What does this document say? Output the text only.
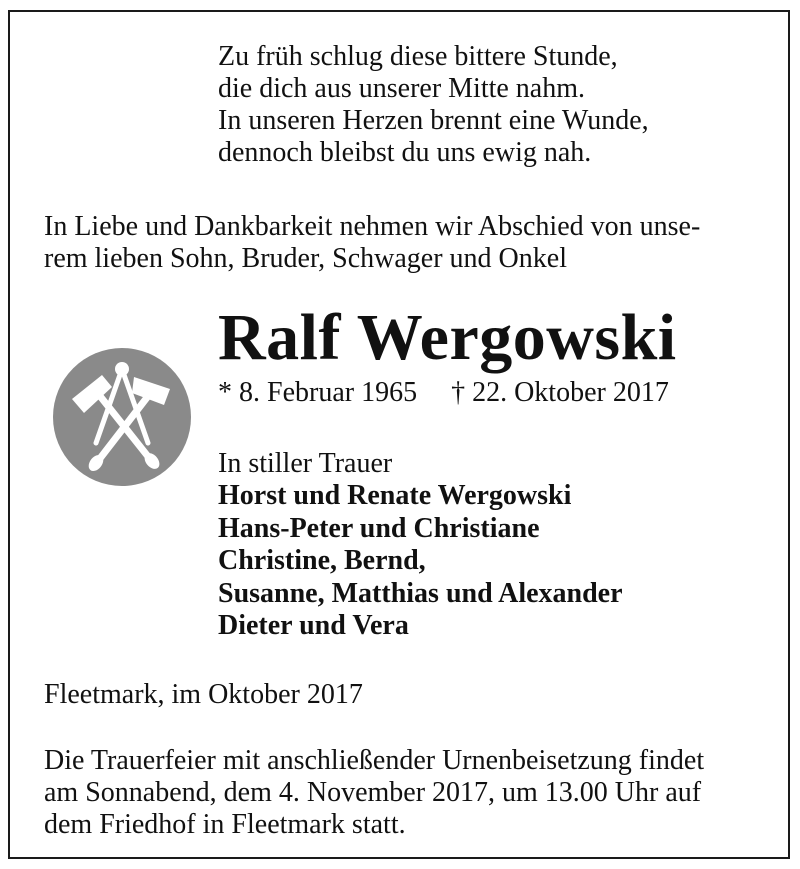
Zu früh schlug diese bittere Stunde,
die dich aus unserer Mitte nahm.
In unseren Herzen brennt eine Wunde,
dennoch bleibst du uns ewig nah.
In Liebe und Dankbarkeit nehmen wir Abschied von unse-
rem lieben Sohn, Bruder, Schwager und Onkel
Ralf Wergowski
* 8. Februar 1965 † 22. Oktober 2017
In stiller Trauer
Horst und Renate Wergowski
Hans-Peter und Christiane
Christine, Bernd,
Susanne, Matthias und Alexander
Dieter und Vera
Fleetmark, im Oktober 2017
Die Trauerfeier mit anschließender Urnenbeisetzung findet
am Sonnabend, dem 4. November 2017, um 13.00 Uhr auf
dem Friedhof in Fleetmark statt.
